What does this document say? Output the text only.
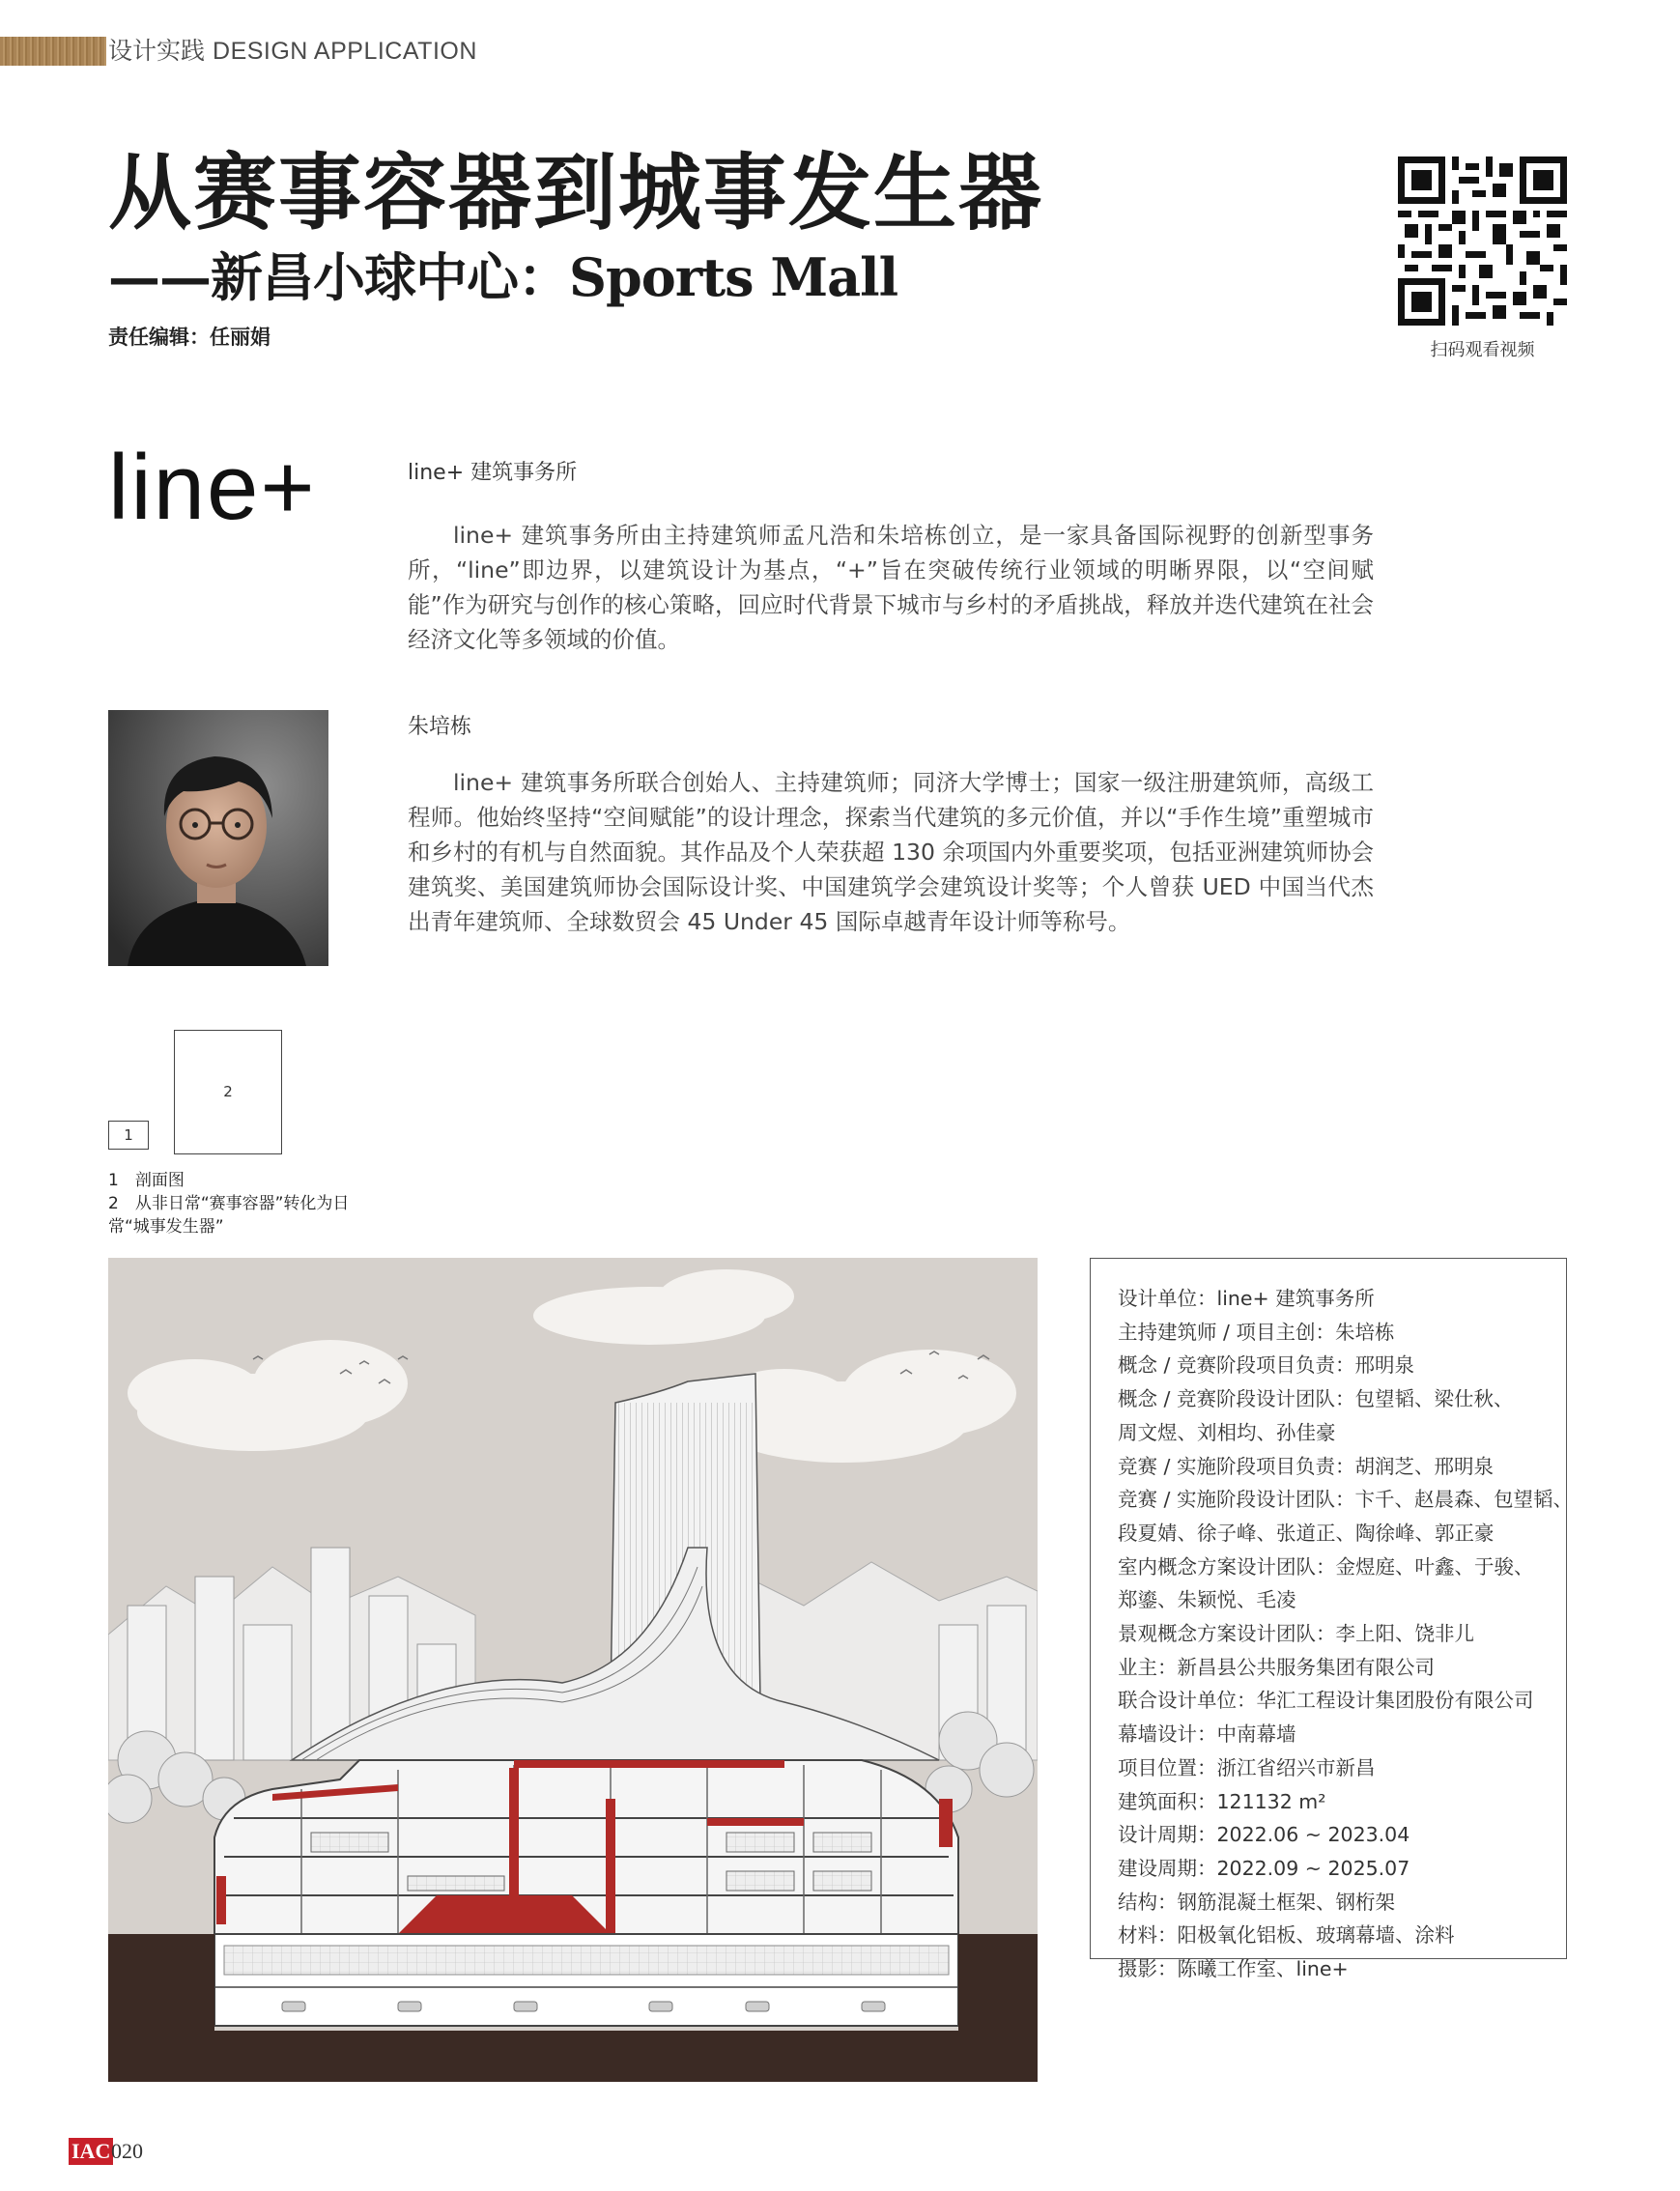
设计实践 DESIGN APPLICATION
从赛事容器到城事发生器
——新昌小球中心：Sports Mall
责任编辑：任丽娟
扫码观看视频
line+	line+ 建筑事务所
line+ 建筑事务所由主持建筑师孟凡浩和朱培栋创立，是一家具备国际视野的创新型事务所，“line”即边界，以建筑设计为基点，“+”旨在突破传统行业领域的明晰界限，以“空间赋能”作为研究与创作的核心策略，回应时代背景下城市与乡村的矛盾挑战，释放并迭代建筑在社会经济文化等多领域的价值。
朱培栋
line+ 建筑事务所联合创始人、主持建筑师；同济大学博士；国家一级注册建筑师，高级工程师。他始终坚持“空间赋能”的设计理念，探索当代建筑的多元价值，并以“手作生境”重塑城市和乡村的有机与自然面貌。其作品及个人荣获超 130 余项国内外重要奖项，包括亚洲建筑师协会建筑奖、美国建筑师协会国际设计奖、中国建筑学会建筑设计奖等；个人曾获 UED 中国当代杰出青年建筑师、全球数贸会 45 Under 45 国际卓越青年设计师等称号。
2
1
1　剖面图
2　从非日常“赛事容器”转化为日
常“城事发生器”
设计单位：line+ 建筑事务所
主持建筑师 / 项目主创：朱培栋
概念 / 竞赛阶段项目负责：邢明泉
概念 / 竞赛阶段设计团队：包望韬、梁仕秋、
周文煜、刘相均、孙佳豪
竞赛 / 实施阶段项目负责：胡润芝、邢明泉
竞赛 / 实施阶段设计团队：卞千、赵晨森、包望韬、
段夏婧、徐子峰、张道正、陶徐峰、郭正豪
室内概念方案设计团队：金煜庭、叶鑫、于骏、
郑鎏、朱颖悦、毛凌
景观概念方案设计团队：李上阳、饶非儿
业主：新昌县公共服务集团有限公司
联合设计单位：华汇工程设计集团股份有限公司
幕墙设计：中南幕墙
项目位置：浙江省绍兴市新昌
建筑面积：121132 m²
设计周期：2022.06 ~ 2023.04
建设周期：2022.09 ~ 2025.07
结构：钢筋混凝土框架、钢桁架
材料：阳极氧化铝板、玻璃幕墙、涂料
摄影：陈曦工作室、line+
IAC 020
